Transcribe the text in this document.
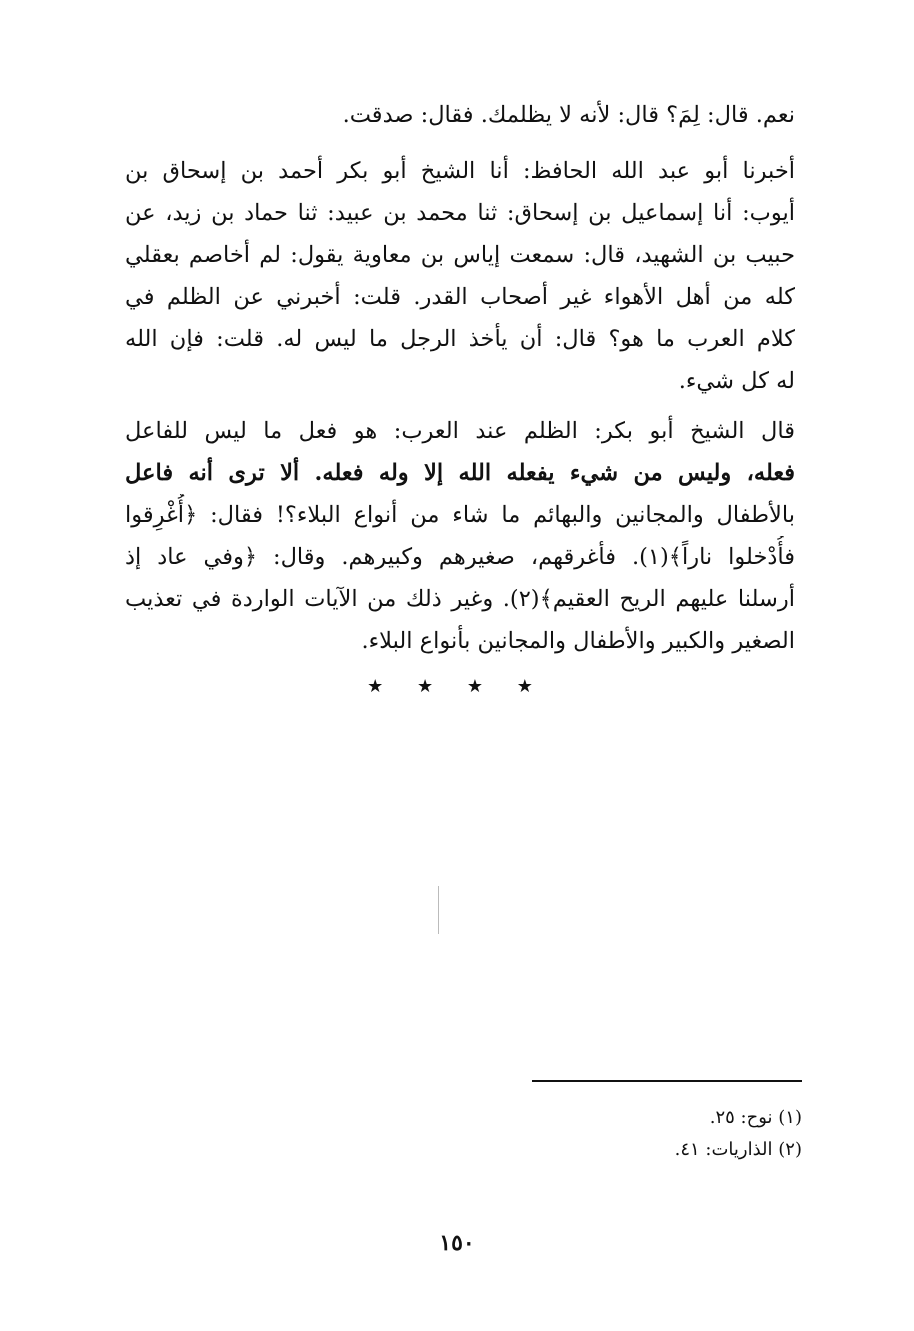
نعم. قال: لِمَ؟ قال: لأنه لا يظلمك. فقال: صدقت.
أخبرنا أبو عبد الله الحافظ: أنا الشيخ أبو بكر أحمد بن إسحاق بن
أيوب: أنا إسماعيل بن إسحاق: ثنا محمد بن عبيد: ثنا حماد بن زيد، عن
حبيب بن الشهيد، قال: سمعت إياس بن معاوية يقول: لم أخاصم بعقلي
كله من أهل الأهواء غير أصحاب القدر. قلت: أخبرني عن الظلم في
كلام العرب ما هو؟ قال: أن يأخذ الرجل ما ليس له. قلت: فإن الله
له كل شيء.
قال الشيخ أبو بكر: الظلم عند العرب: هو فعل ما ليس للفاعل
فعله، وليس من شيء يفعله الله إلا وله فعله. ألا ترى أنه فاعل
بالأطفال والمجانين والبهائم ما شاء من أنواع البلاء؟! فقال: ﴿أُغْرِقوا
فأُدْخلوا ناراً﴾(١). فأغرقهم، صغيرهم وكبيرهم. وقال: ﴿وفي عاد إذ
أرسلنا عليهم الريح العقيم﴾(٢). وغير ذلك من الآيات الواردة في تعذيب
الصغير والكبير والأطفال والمجانين بأنواع البلاء.
★ ★ ★ ★
(١) نوح: ٢٥.
(٢) الذاريات: ٤١.
١٥٠
